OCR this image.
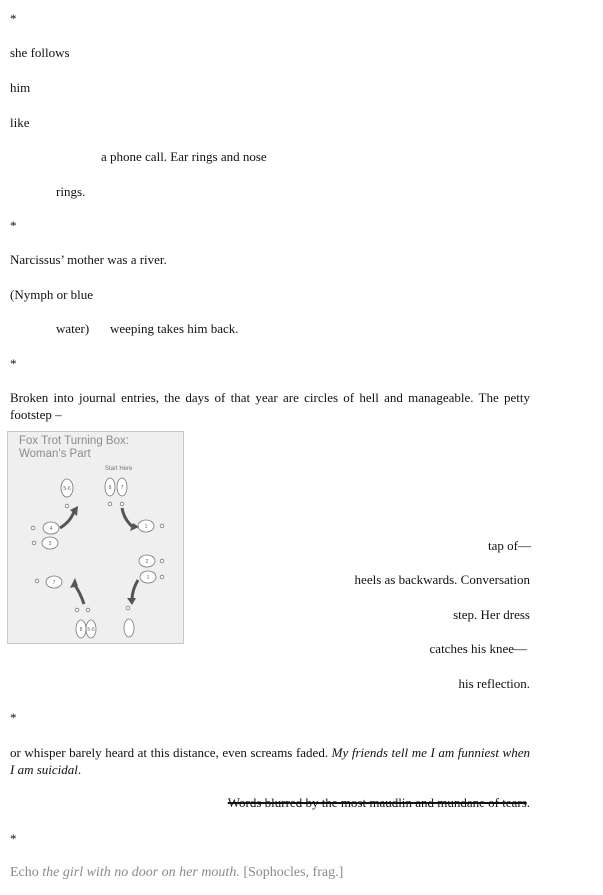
*
she follows
him
like
a phone call. Ear rings and nose
rings.
*
Narcissus’ mother was a river.
(Nymph or blue
water) weeping takes him back.
*
Broken into journal entries, the days of that year are circles of hell and manageable. The petty footstep –
Fox Trot Turning Box:
Woman's Part
Start Here
5-6	8 7
1
4
3
2
1
7
8 5-6
tap of—
heels as backwards. Conversation
step. Her dress
catches his knee—
his reflection.
*
or whisper barely heard at this distance, even screams faded. My friends tell me I am funniest when I am suicidal.
Words blurred by the most maudlin and mundane of tears.
*
Echo the girl with no door on her mouth. [Sophocles, frag.]
